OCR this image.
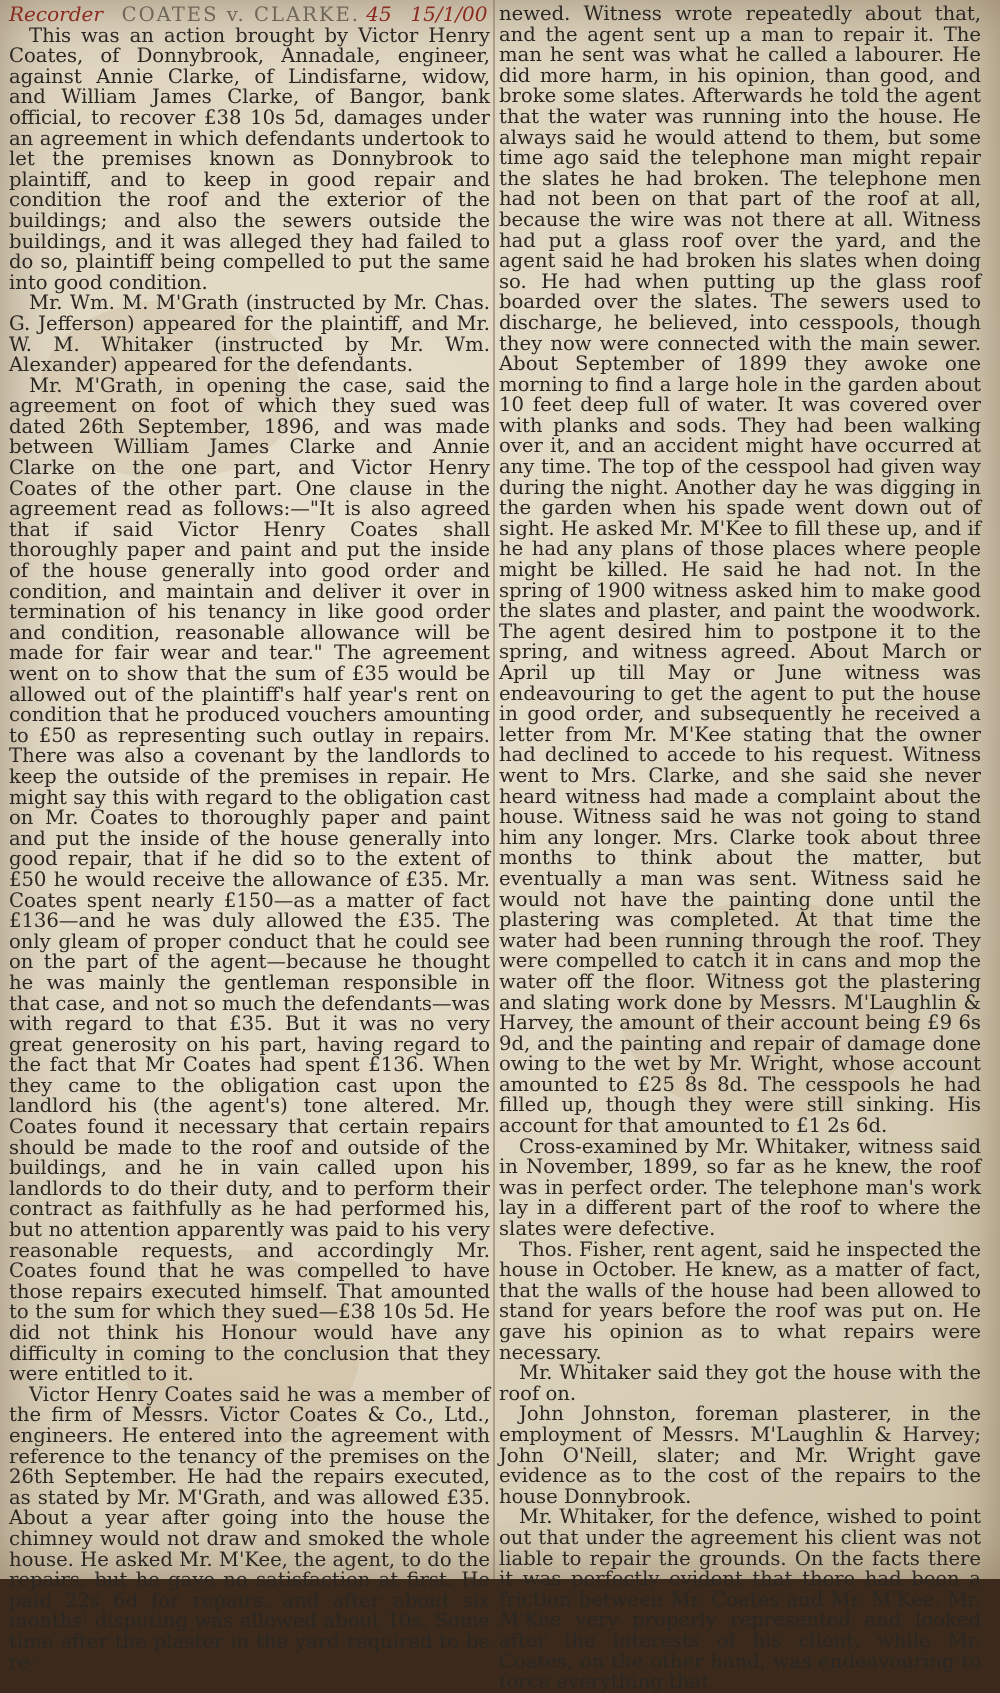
Recorder COATES v. CLARKE. 45 15/1/00

This was an action brought by Victor Henry Coates, of Donnybrook, Annadale, engineer, against Annie Clarke, of Lindisfarne, widow, and William James Clarke, of Bangor, bank official, to recover £38 10s 5d, damages under an agreement in which defendants undertook to let the premises known as Donnybrook to plaintiff, and to keep in good repair and condition the roof and the exterior of the buildings; and also the sewers outside the buildings, and it was alleged they had failed to do so, plaintiff being compelled to put the same into good condition.

Mr. Wm. M. M'Grath (instructed by Mr. Chas. G. Jefferson) appeared for the plaintiff, and Mr. W. M. Whitaker (instructed by Mr. Wm. Alexander) appeared for the defendants.

Mr. M'Grath, in opening the case, said the agreement on foot of which they sued was dated 26th September, 1896, and was made between William James Clarke and Annie Clarke on the one part, and Victor Henry Coates of the other part. One clause in the agreement read as follows:—"It is also agreed that if said Victor Henry Coates shall thoroughly paper and paint and put the inside of the house generally into good order and condition, and maintain and deliver it over in termination of his tenancy in like good order and condition, reasonable allowance will be made for fair wear and tear." The agreement went on to show that the sum of £35 would be allowed out of the plaintiff's half year's rent on condition that he produced vouchers amounting to £50 as representing such outlay in repairs. There was also a covenant by the landlords to keep the outside of the premises in repair. He might say this with regard to the obligation cast on Mr. Coates to thoroughly paper and paint and put the inside of the house generally into good repair, that if he did so to the extent of £50 he would receive the allowance of £35. Mr. Coates spent nearly £150—as a matter of fact £136—and he was duly allowed the £35. The only gleam of proper conduct that he could see on the part of the agent—because he thought he was mainly the gentleman responsible in that case, and not so much the defendants—was with regard to that £35. But it was no very great generosity on his part, having regard to the fact that Mr Coates had spent £136. When they came to the obligation cast upon the landlord his (the agent's) tone altered. Mr. Coates found it necessary that certain repairs should be made to the roof and outside of the buildings, and he in vain called upon his landlords to do their duty, and to perform their contract as faithfully as he had performed his, but no attention apparently was paid to his very reasonable requests, and accordingly Mr. Coates found that he was compelled to have those repairs executed himself. That amounted to the sum for which they sued—£38 10s 5d. He did not think his Honour would have any difficulty in coming to the conclusion that they were entitled to it.

Victor Henry Coates said he was a member of the firm of Messrs. Victor Coates & Co., Ltd., engineers. He entered into the agreement with reference to the tenancy of the premises on the 26th September. He had the repairs executed, as stated by Mr. M'Grath, and was allowed £35. About a year after going into the house the chimney would not draw and smoked the whole house. He asked Mr. M'Kee, the agent, to do the repairs, but he gave no satisfaction at first. He paid 22s 6d for repairs, and after about six months' disputing was allowed about 10s. Some time after the plaster in the yard required to be re-

newed. Witness wrote repeatedly about that, and the agent sent up a man to repair it. The man he sent was what he called a labourer. He did more harm, in his opinion, than good, and broke some slates. Afterwards he told the agent that the water was running into the house. He always said he would attend to them, but some time ago said the telephone man might repair the slates he had broken. The telephone men had not been on that part of the roof at all, because the wire was not there at all. Witness had put a glass roof over the yard, and the agent said he had broken his slates when doing so. He had when putting up the glass roof boarded over the slates. The sewers used to discharge, he believed, into cesspools, though they now were connected with the main sewer. About September of 1899 they awoke one morning to find a large hole in the garden about 10 feet deep full of water. It was covered over with planks and sods. They had been walking over it, and an accident might have occurred at any time. The top of the cesspool had given way during the night. Another day he was digging in the garden when his spade went down out of sight. He asked Mr. M'Kee to fill these up, and if he had any plans of those places where people might be killed. He said he had not. In the spring of 1900 witness asked him to make good the slates and plaster, and paint the woodwork. The agent desired him to postpone it to the spring, and witness agreed. About March or April up till May or June witness was endeavouring to get the agent to put the house in good order, and subsequently he received a letter from Mr. M'Kee stating that the owner had declined to accede to his request. Witness went to Mrs. Clarke, and she said she never heard witness had made a complaint about the house. Witness said he was not going to stand him any longer. Mrs. Clarke took about three months to think about the matter, but eventually a man was sent. Witness said he would not have the painting done until the plastering was completed. At that time the water had been running through the roof. They were compelled to catch it in cans and mop the water off the floor. Witness got the plastering and slating work done by Messrs. M'Laughlin & Harvey, the amount of their account being £9 6s 9d, and the painting and repair of damage done owing to the wet by Mr. Wright, whose account amounted to £25 8s 8d. The cesspools he had filled up, though they were still sinking. His account for that amounted to £1 2s 6d.

Cross-examined by Mr. Whitaker, witness said in November, 1899, so far as he knew, the roof was in perfect order. The telephone man's work lay in a different part of the roof to where the slates were defective.

Thos. Fisher, rent agent, said he inspected the house in October. He knew, as a matter of fact, that the walls of the house had been allowed to stand for years before the roof was put on. He gave his opinion as to what repairs were necessary.

Mr. Whitaker said they got the house with the roof on.

John Johnston, foreman plasterer, in the employment of Messrs. M'Laughlin & Harvey; John O'Neill, slater; and Mr. Wright gave evidence as to the cost of the repairs to the house Donnybrook.

Mr. Whitaker, for the defence, wished to point out that under the agreement his client was not liable to repair the grounds. On the facts there it was perfectly evident that there had been a friction between Mr. Coates and Mr. M'Kee. Mr. M'Kee very properly represented and looked after the interests of his client, while Mr. Coates, on the other hand, was endeavouring to force everything that
